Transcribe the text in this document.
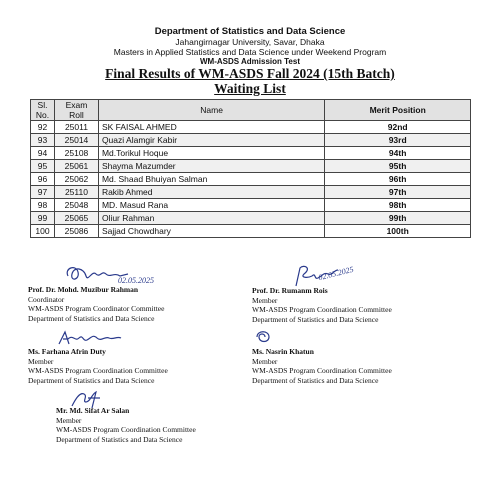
Department of Statistics and Data Science
Jahangirnagar University, Savar, Dhaka
Masters in Applied Statistics and Data Science under Weekend Program
WM-ASDS Admission Test
Final Results of WM-ASDS Fall 2024 (15th Batch)
Waiting List
Sl. No.	Exam Roll	Name	Merit Position
92	25011	SK FAISAL AHMED	92nd
93	25014	Quazi Alamgir Kabir	93rd
94	25108	Md.Torikul Hoque	94th
95	25061	Shayma Mazumder	95th
96	25062	Md. Shaad Bhuiyan Salman	96th
97	25110	Rakib Ahmed	97th
98	25048	MD. Masud Rana	98th
99	25065	Oliur Rahman	99th
100	25086	Sajjad Chowdhary	100th
02.05.2025	02.05.2025
Prof. Dr. Mohd. Muzibur Rahman
Coordinator
WM-ASDS Program Coordinator Committee
Department of Statistics and Data Science
Prof. Dr. Rumanm Rois
Member
WM-ASDS Program Coordination Committee
Department of Statistics and Data Science
Ms. Farhana Afrin Duty
Member
WM-ASDS Program Coordination Committee
Department of Statistics and Data Science
Ms. Nasrin Khatun
Member
WM-ASDS Program Coordination Committee
Department of Statistics and Data Science
Mr. Md. Sifat Ar Salan
Member
WM-ASDS Program Coordination Committee
Department of Statistics and Data Science
